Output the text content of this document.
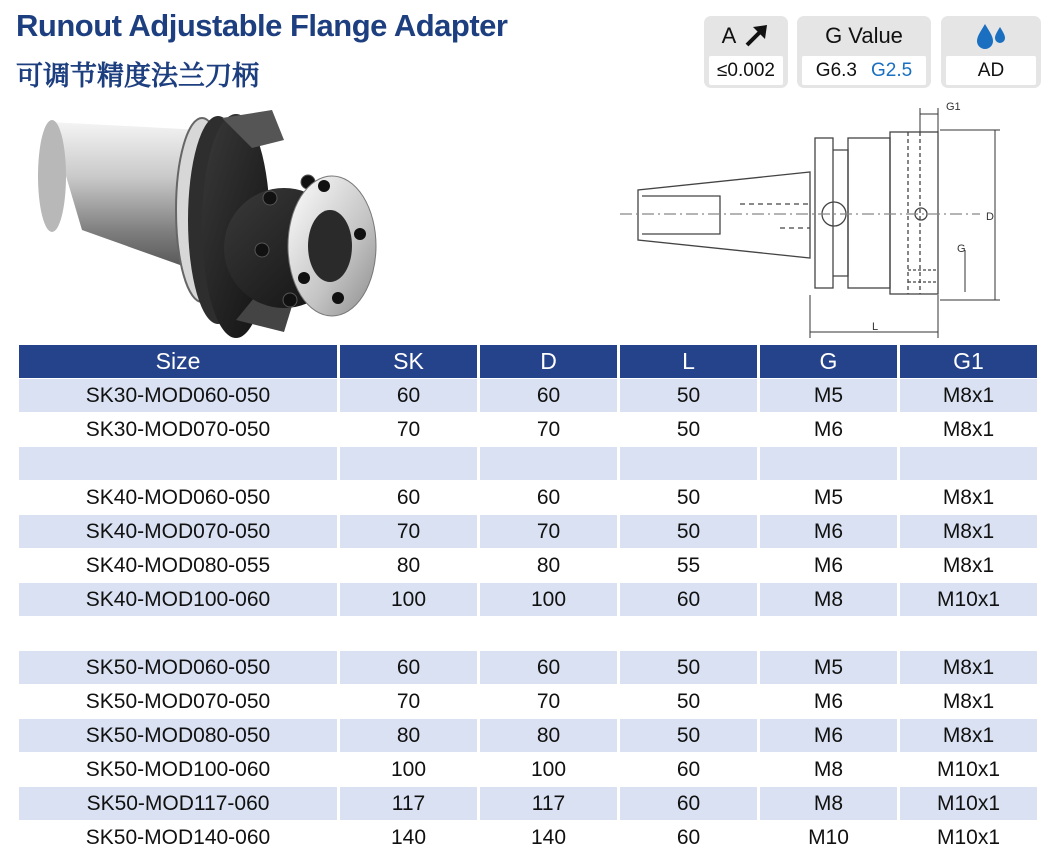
Runout Adjustable Flange Adapter
可调节精度法兰刀柄
A
≤0.002
G Value
G6.3 G2.5	AD
L
D
G
G1
Size	SK	D	L	G	G1
SK30-MOD060-050	60	60	50	M5	M8x1
SK30-MOD070-050	70	70	50	M6	M8x1

SK40-MOD060-050	60	60	50	M5	M8x1
SK40-MOD070-050	70	70	50	M6	M8x1
SK40-MOD080-055	80	80	55	M6	M8x1
SK40-MOD100-060	100	100	60	M8	M10x1

SK50-MOD060-050	60	60	50	M5	M8x1
SK50-MOD070-050	70	70	50	M6	M8x1
SK50-MOD080-050	80	80	50	M6	M8x1
SK50-MOD100-060	100	100	60	M8	M10x1
SK50-MOD117-060	117	117	60	M8	M10x1
SK50-MOD140-060	140	140	60	M10	M10x1
